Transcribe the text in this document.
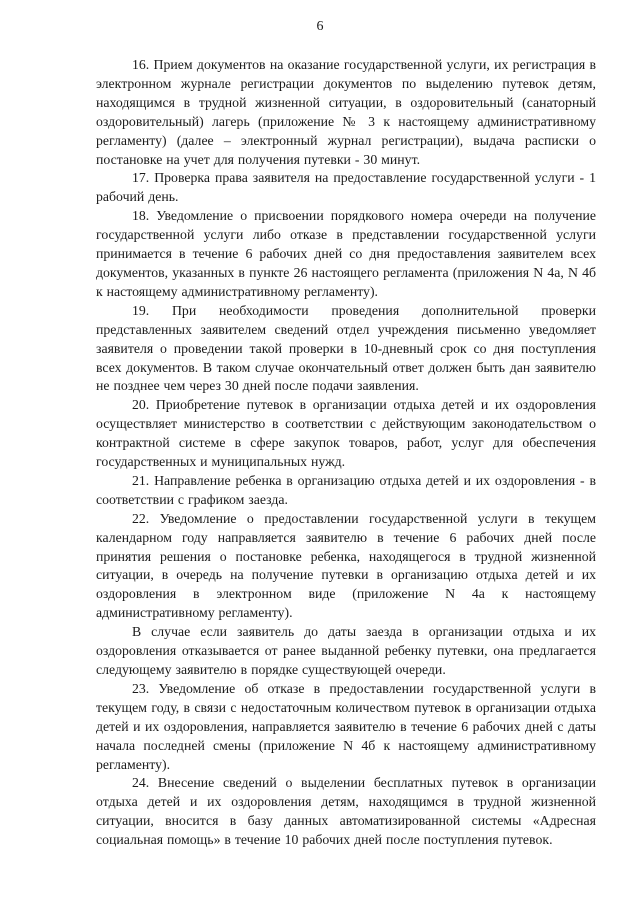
6

16. Прием документов на оказание государственной услуги, их регистрация в электронном журнале регистрации документов по выделению путевок детям, находящимся в трудной жизненной ситуации, в оздоровительный (санаторный оздоровительный) лагерь (приложение № 3 к настоящему административному регламенту) (далее – электронный журнал регистрации), выдача расписки о постановке на учет для получения путевки - 30 минут.

17. Проверка права заявителя на предоставление государственной услуги - 1 рабочий день.

18. Уведомление о присвоении порядкового номера очереди на получение государственной услуги либо отказе в представлении государственной услуги принимается в течение 6 рабочих дней со дня предоставления заявителем всех документов, указанных в пункте 26 настоящего регламента (приложения N 4а, N 4б к настоящему административному регламенту).

19. При необходимости проведения дополнительной проверки представленных заявителем сведений отдел учреждения письменно уведомляет заявителя о проведении такой проверки в 10-дневный срок со дня поступления всех документов. В таком случае окончательный ответ должен быть дан заявителю не позднее чем через 30 дней после подачи заявления.

20. Приобретение путевок в организации отдыха детей и их оздоровления осуществляет министерство в соответствии с действующим законодательством о контрактной системе в сфере закупок товаров, работ, услуг для обеспечения государственных и муниципальных нужд.

21. Направление ребенка в организацию отдыха детей и их оздоровления - в соответствии с графиком заезда.

22. Уведомление о предоставлении государственной услуги в текущем календарном году направляется заявителю в течение 6 рабочих дней после принятия решения о постановке ребенка, находящегося в трудной жизненной ситуации, в очередь на получение путевки в организацию отдыха детей и их оздоровления в электронном виде (приложение N 4а к настоящему административному регламенту).

В случае если заявитель до даты заезда в организации отдыха и их оздоровления отказывается от ранее выданной ребенку путевки, она предлагается следующему заявителю в порядке существующей очереди.

23. Уведомление об отказе в предоставлении государственной услуги в текущем году, в связи с недостаточным количеством путевок в организации отдыха детей и их оздоровления, направляется заявителю в течение 6 рабочих дней с даты начала последней смены (приложение N 4б к настоящему административному регламенту).

24. Внесение сведений о выделении бесплатных путевок в организации отдыха детей и их оздоровления детям, находящимся в трудной жизненной ситуации, вносится в базу данных автоматизированной системы «Адресная социальная помощь» в течение 10 рабочих дней после поступления путевок.
